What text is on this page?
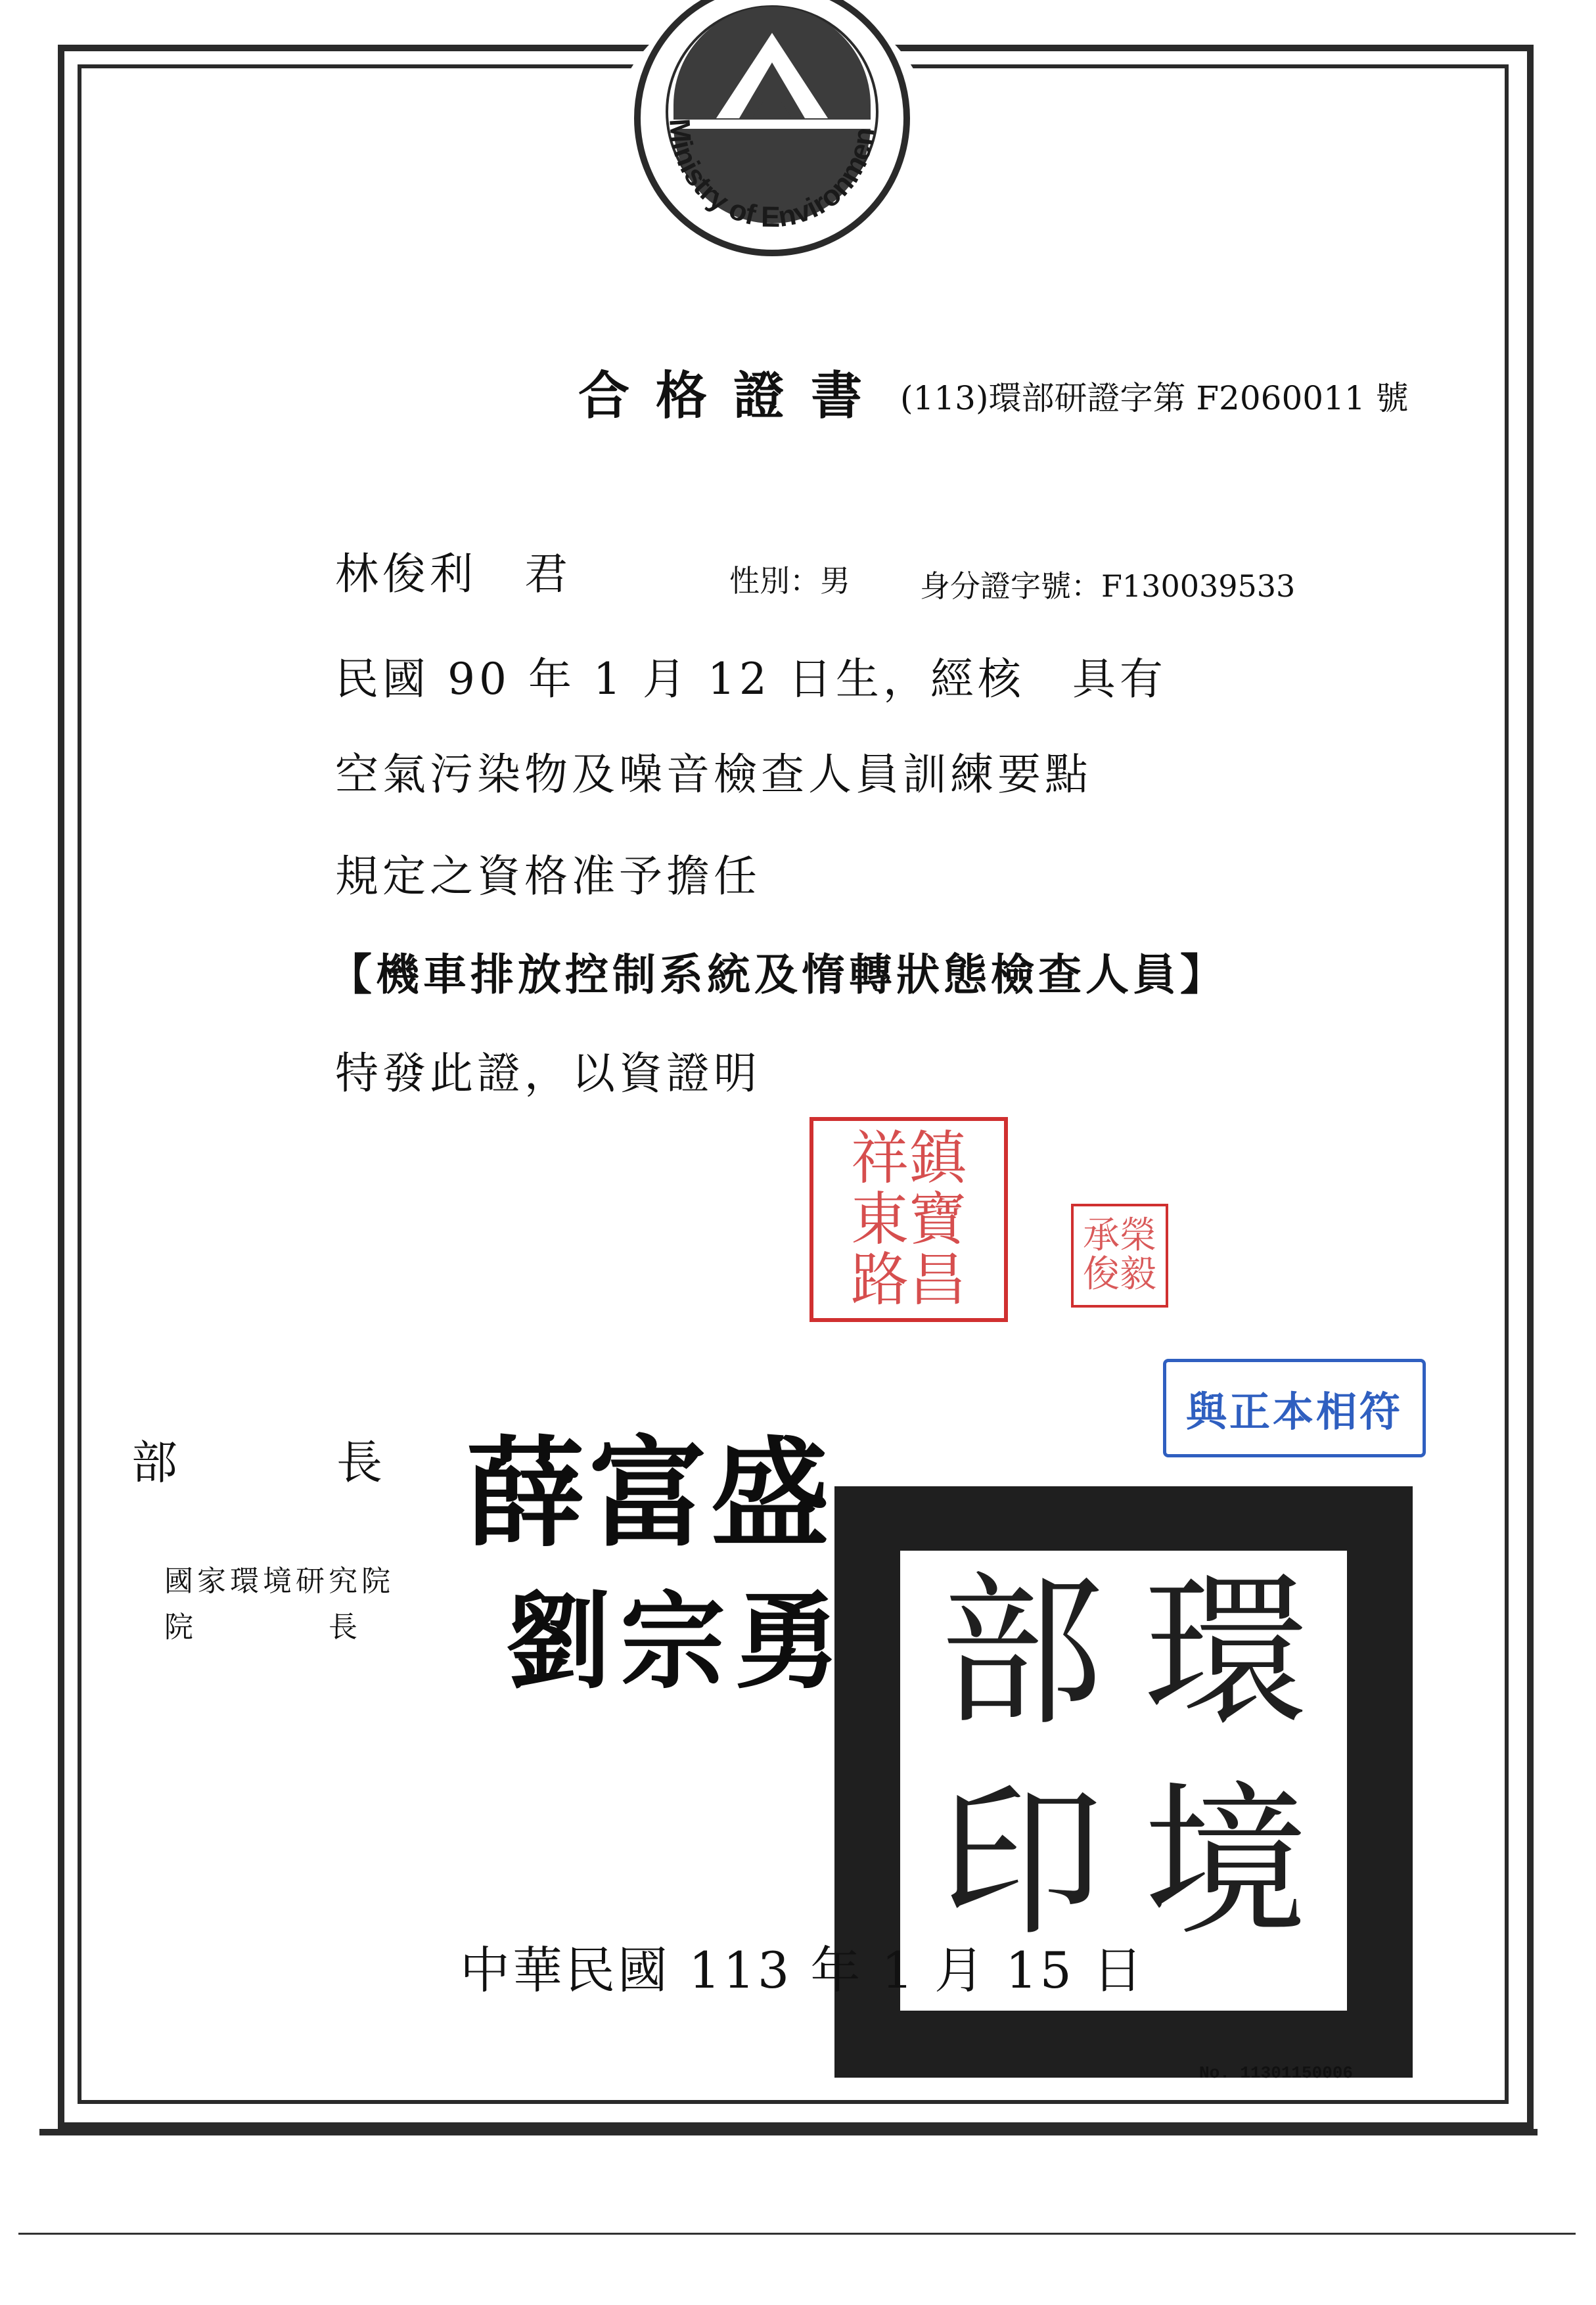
Ministry of Environmen
合格證書 (113)環部研證字第 F2060011 號
林俊利　君	性別：男 身分證字號：F130039533
民國 90 年 1 月 12 日生，經核　具有
空氣污染物及噪音檢查人員訓練要點
規定之資格准予擔任
【機車排放控制系統及惰轉狀態檢查人員】
特發此證，以資證明
祥鎮東寶路昌
承榮俊毅
與正本相符
部 環
印 境
部　　　長 薛富盛
國家環境研究院
院　　　　長 劉宗勇
中華民國 113 年 1 月 15 日
No. 11301150006
